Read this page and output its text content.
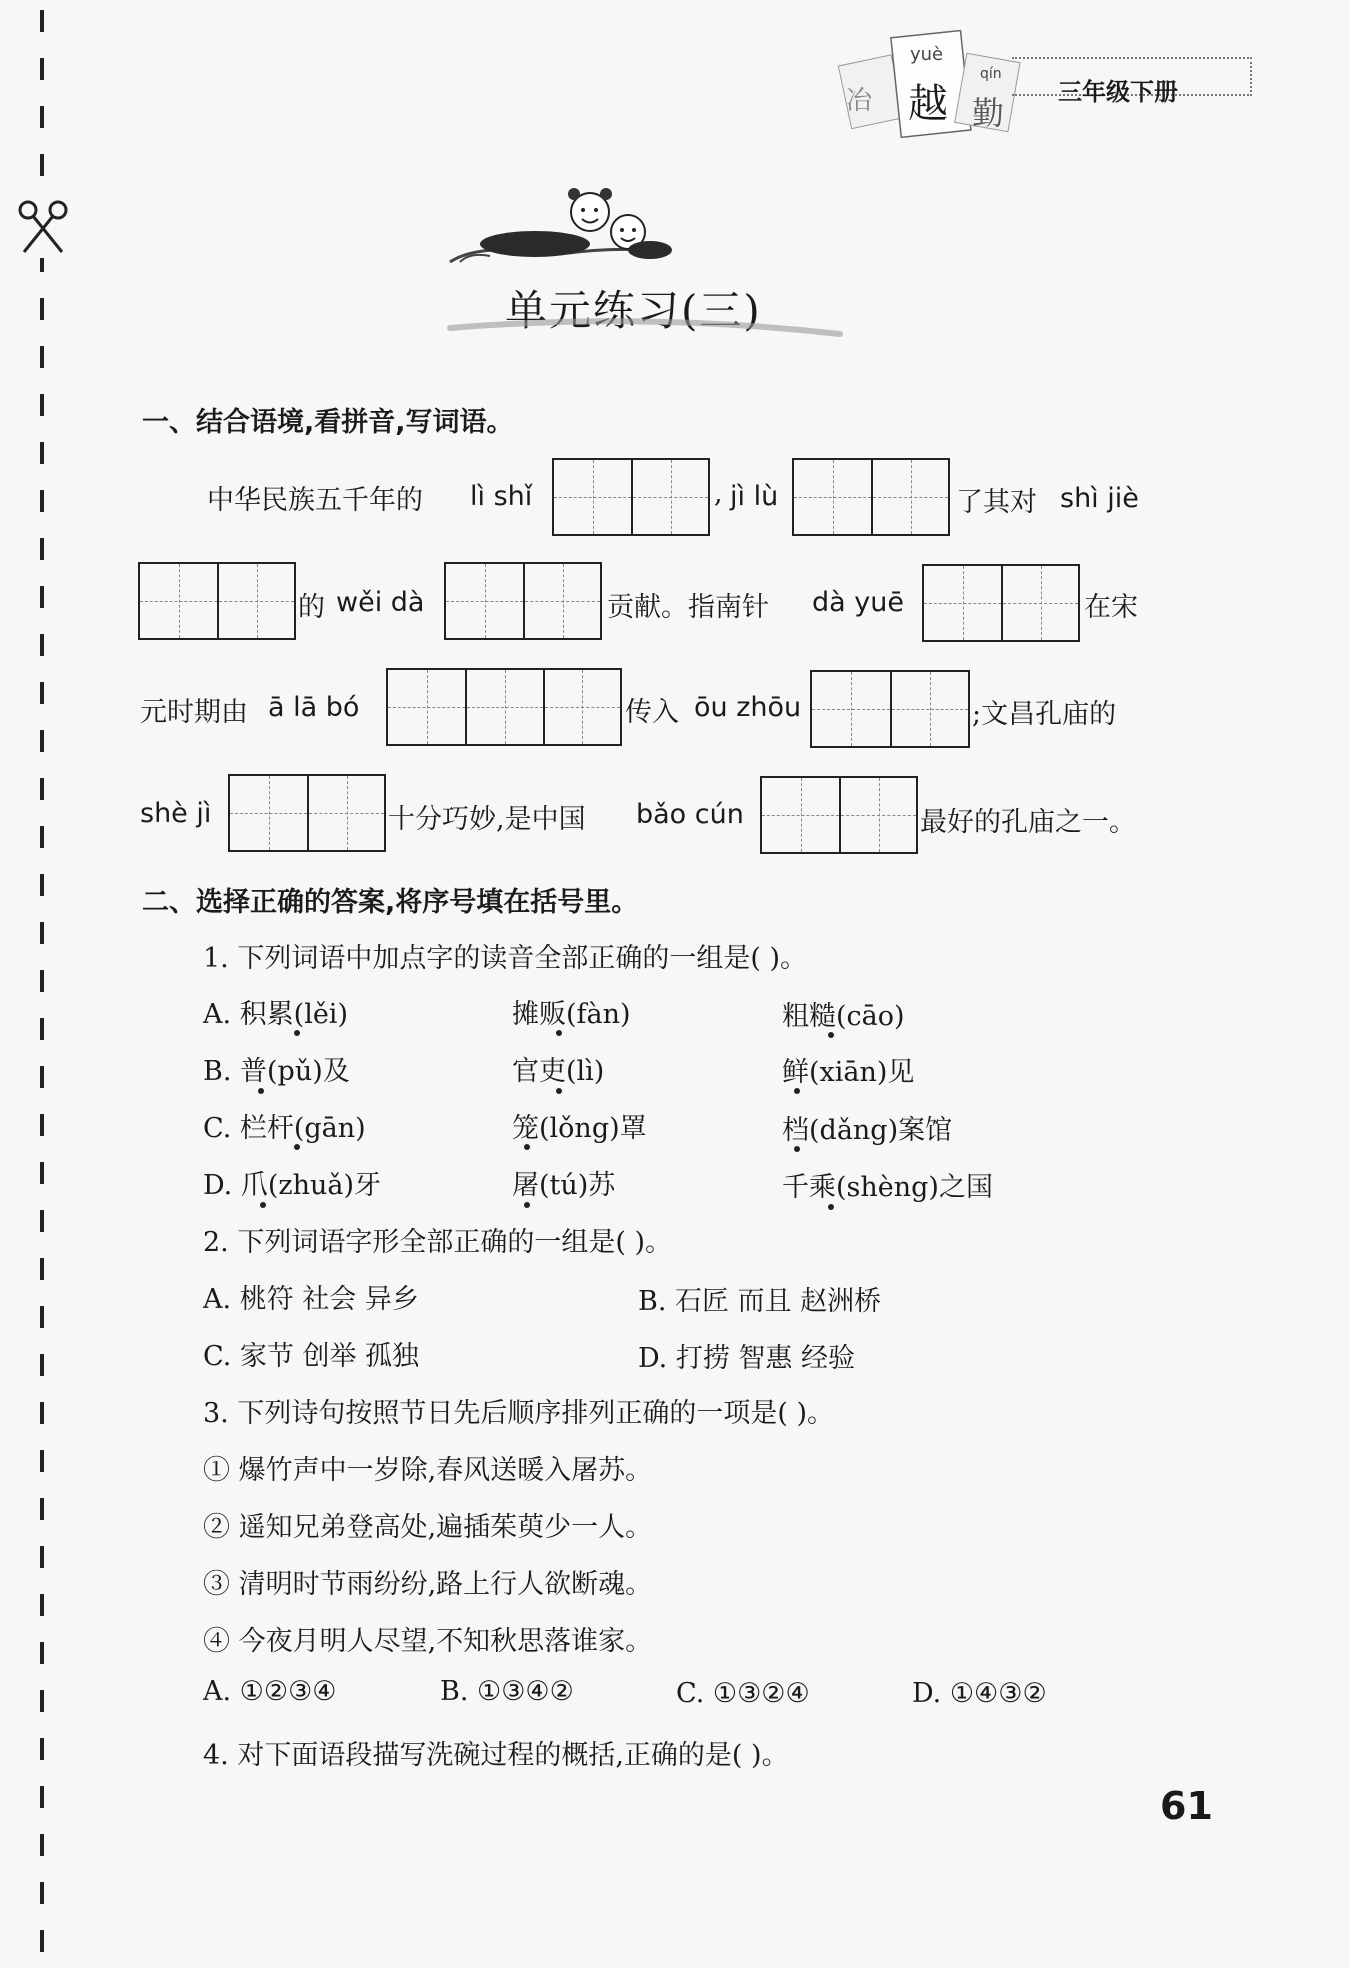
冶
yuè
越
qín
勤
三年级下册
单元练习(三)
一、结合语境,看拼音,写词语。
中华民族五千年的 lì shǐ	, jì lù	了其对 shì jiè
的 wěi dà	贡献。指南针 dà yuē	在宋
元时期由 ā lā bó	传入 ōu zhōu	;文昌孔庙的
shè jì	十分巧妙,是中国 bǎo cún	最好的孔庙之一。
二、选择正确的答案,将序号填在括号里。
1. 下列词语中加点字的读音全部正确的一组是( )。
A. 积累(lěi)	摊贩(fàn)	粗糙(cāo)
B. 普(pǔ)及	官吏(lì)	鲜(xiān)见
C. 栏杆(gān)	笼(lǒng)罩	档(dǎng)案馆
D. 爪(zhuǎ)牙	屠(tú)苏	千乘(shèng)之国
2. 下列词语字形全部正确的一组是( )。
A. 桃符 社会 异乡	B. 石匠 而且 赵洲桥
C. 家节 创举 孤独	D. 打捞 智惠 经验
3. 下列诗句按照节日先后顺序排列正确的一项是( )。
① 爆竹声中一岁除,春风送暖入屠苏。
② 遥知兄弟登高处,遍插茱萸少一人。
③ 清明时节雨纷纷,路上行人欲断魂。
④ 今夜月明人尽望,不知秋思落谁家。
A. ①②③④	B. ①③④②	C. ①③②④	D. ①④③②
4. 对下面语段描写洗碗过程的概括,正确的是( )。
61
